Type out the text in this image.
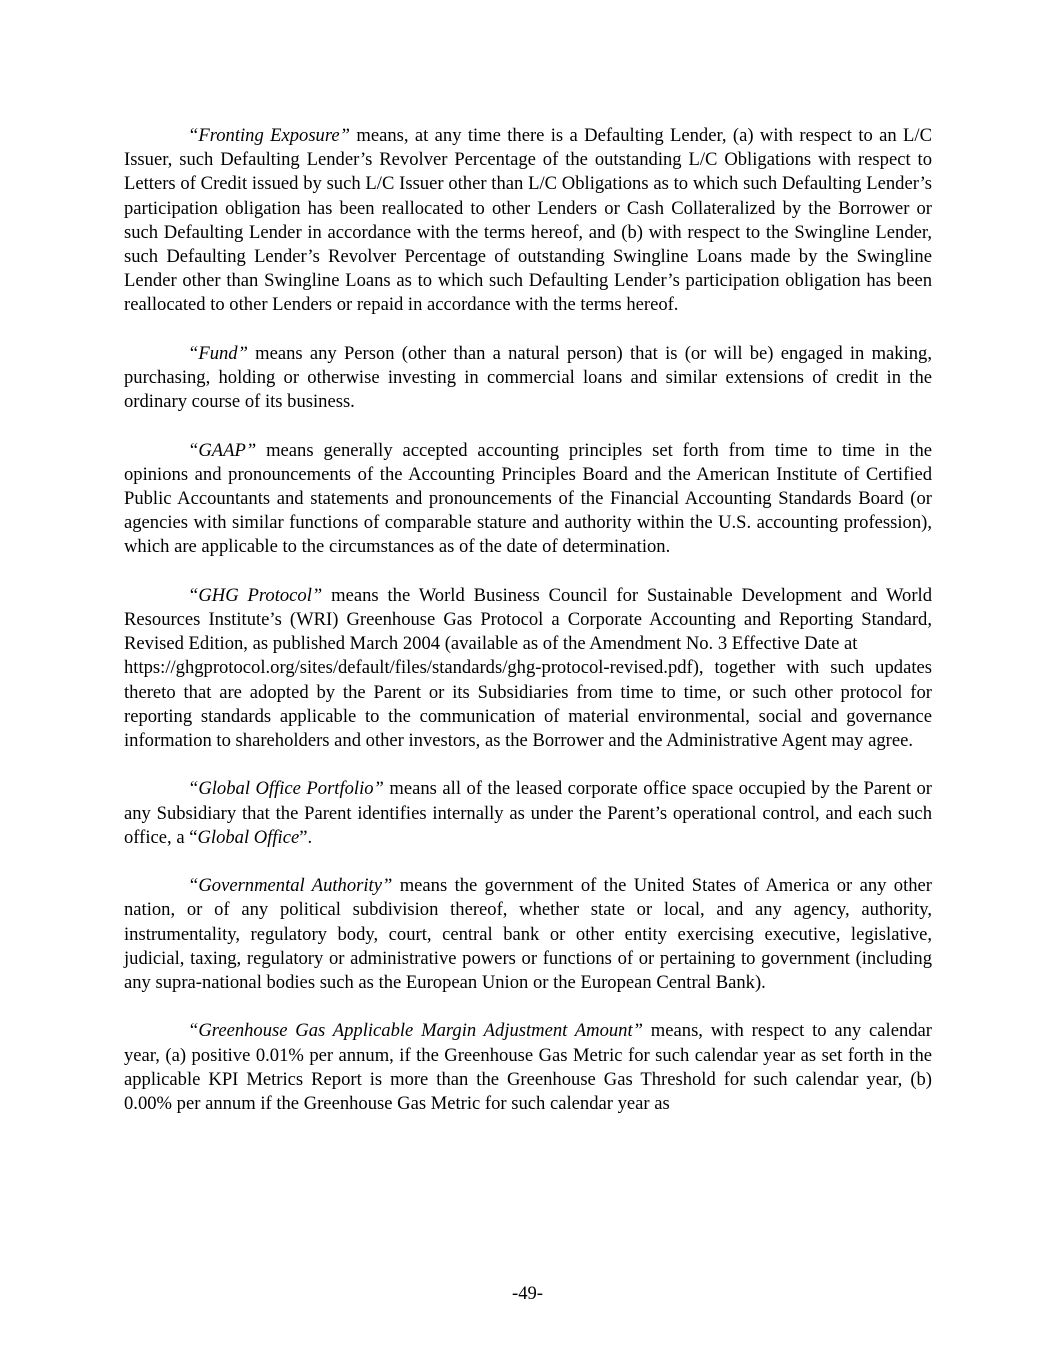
“Fronting Exposure” means, at any time there is a Defaulting Lender, (a) with respect to an L/C Issuer, such Defaulting Lender’s Revolver Percentage of the outstanding L/C Obligations with respect to Letters of Credit issued by such L/C Issuer other than L/C Obligations as to which such Defaulting Lender’s participation obligation has been reallocated to other Lenders or Cash Collateralized by the Borrower or such Defaulting Lender in accordance with the terms hereof, and (b) with respect to the Swingline Lender, such Defaulting Lender’s Revolver Percentage of outstanding Swingline Loans made by the Swingline Lender other than Swingline Loans as to which such Defaulting Lender’s participation obligation has been reallocated to other Lenders or repaid in accordance with the terms hereof.

“Fund” means any Person (other than a natural person) that is (or will be) engaged in making, purchasing, holding or otherwise investing in commercial loans and similar extensions of credit in the ordinary course of its business.

“GAAP” means generally accepted accounting principles set forth from time to time in the opinions and pronouncements of the Accounting Principles Board and the American Institute of Certified Public Accountants and statements and pronouncements of the Financial Accounting Standards Board (or agencies with similar functions of comparable stature and authority within the U.S. accounting profession), which are applicable to the circumstances as of the date of determination.

“GHG Protocol” means the World Business Council for Sustainable Development and World Resources Institute’s (WRI) Greenhouse Gas Protocol a Corporate Accounting and Reporting Standard, Revised Edition, as published March 2004 (available as of the Amendment No. 3 Effective Date at
https://ghgprotocol.org/sites/default/files/standards/ghg-protocol-revised.pdf), together with such updates thereto that are adopted by the Parent or its Subsidiaries from time to time, or such other protocol for reporting standards applicable to the communication of material environmental, social and governance information to shareholders and other investors, as the Borrower and the Administrative Agent may agree.

“Global Office Portfolio” means all of the leased corporate office space occupied by the Parent or any Subsidiary that the Parent identifies internally as under the Parent’s operational control, and each such office, a “Global Office”.

“Governmental Authority” means the government of the United States of America or any other nation, or of any political subdivision thereof, whether state or local, and any agency, authority, instrumentality, regulatory body, court, central bank or other entity exercising executive, legislative, judicial, taxing, regulatory or administrative powers or functions of or pertaining to government (including any supra-national bodies such as the European Union or the European Central Bank).

“Greenhouse Gas Applicable Margin Adjustment Amount” means, with respect to any calendar year, (a) positive 0.01% per annum, if the Greenhouse Gas Metric for such calendar year as set forth in the applicable KPI Metrics Report is more than the Greenhouse Gas Threshold for such calendar year, (b) 0.00% per annum if the Greenhouse Gas Metric for such calendar year as

-49-
